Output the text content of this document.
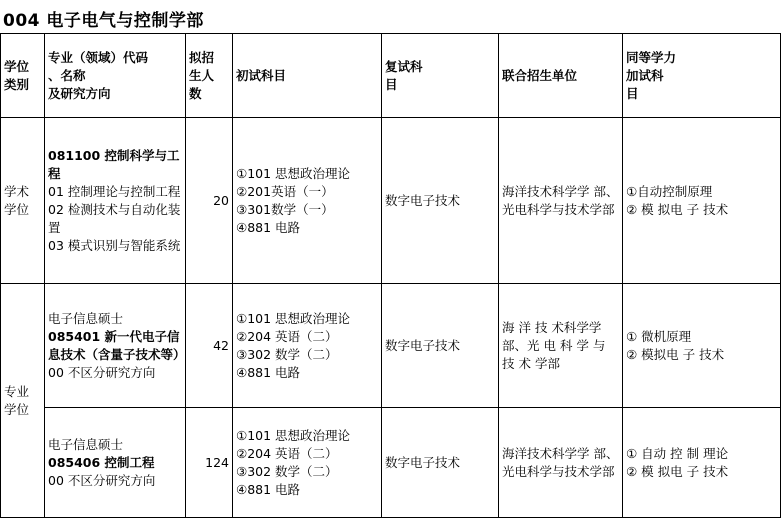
004 电子电气与控制学部
学位类别	专业（领域）代码
、名称
及研究方向	拟招
生人
数	初试科目	复试科
目	联合招生单位	同等学力
加试科
目

学术学位	081100 控制科学与工程
01 控制理论与控制工程
02 检测技术与自动化装置
03 模式识别与智能系统	20	①101 思想政治理论
②201英语（一）
③301数学（一）
④881 电路	数字电子技术	海洋技术科学学 部、光电科学与技术学部	①自动控制原理
② 模 拟电 子 技术

专业学位	电子信息硕士
085401 新一代电子信息技术（含量子技术等）
00 不区分研究方向	42	①101 思想政治理论
②204 英语（二）
③302 数学（二）
④881 电路	数字电子技术	海 洋 技 术科学学 部、光 电 科 学 与 技 术 学部	① 微机原理
② 模拟电 子 技术

	电子信息硕士
085406 控制工程
00 不区分研究方向	124	①101 思想政治理论
②204 英语（二）
③302 数学（二）
④881 电路	数字电子技术	海洋技术科学学 部、光电科学与技术学部	① 自动 控 制 理论
② 模 拟电 子 技术
